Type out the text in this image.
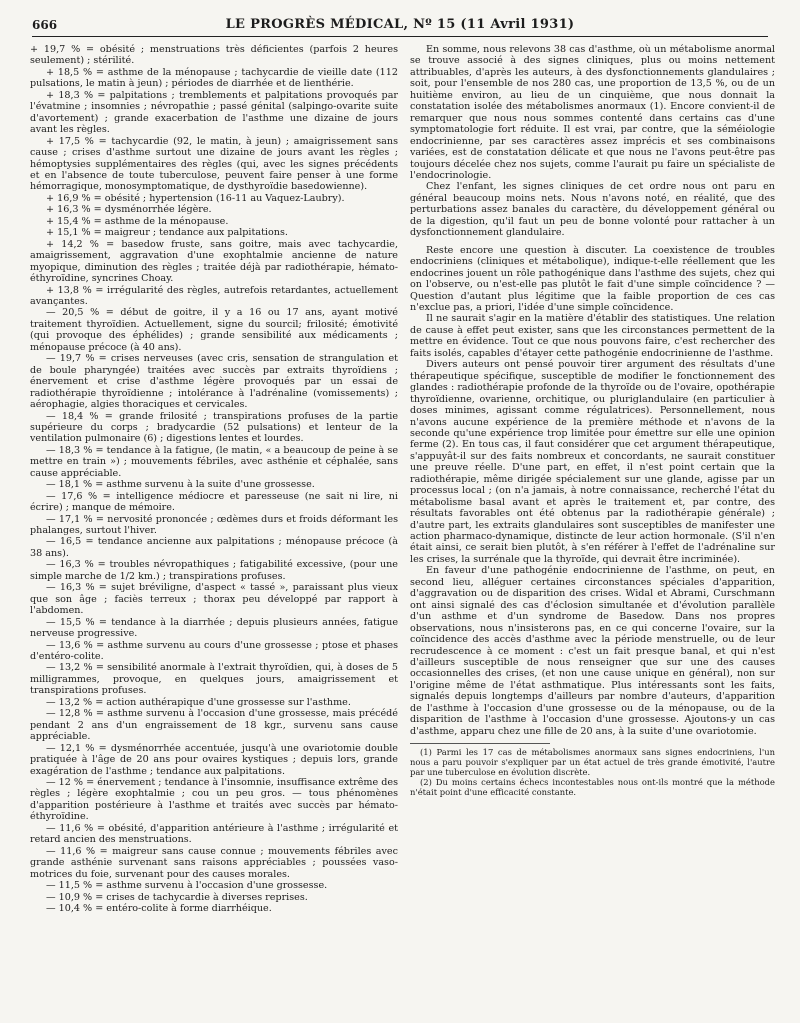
666	LE PROGRÈS MÉDICAL, Nº 15 (11 Avril 1931)

+ 19,7 % = obésité ; menstruations très déficientes (parfois 2 heures seulement) ; stérilité.

+ 18,5 % = asthme de la ménopause ; tachycardie de vieille date (112 pulsations, le matin à jeun) ; périodes de diarrhée et de lienthérie.

+ 18,3 % = palpitations ; tremblements et palpitations provoqués par l'évatmine ; insomnies ; névropathie ; passé génital (salpingo-ovarite suite d'avortement) ; grande exacerbation de l'asthme une dizaine de jours avant les règles.

+ 17,5 % = tachycardie (92, le matin, à jeun) ; amaigrissement sans cause ; crises d'asthme surtout une dizaine de jours avant les règles ; hémoptysies supplémentaires des règles (qui, avec les signes précédents et en l'absence de toute tuberculose, peuvent faire penser à une forme hémorragique, monosymptomatique, de dysthyroïdie basedowienne).

+ 16,9 % = obésité ; hypertension (16-11 au Vaquez-Laubry).

+ 16,3 % = dysménorrhée légère.

+ 15,4 % = asthme de la ménopause.

+ 15,1 % = maigreur ; tendance aux palpitations.

+ 14,2 % = basedow fruste, sans goitre, mais avec tachycardie, amaigrissement, aggravation d'une exophtalmie ancienne de nature myopique, diminution des règles ; traitée déjà par radiothérapie, hémato-éthyroïdine, syncrines Choay.

+ 13,8 % = irrégularité des règles, autrefois retardantes, actuellement avançantes.

— 20,5 % = début de goitre, il y a 16 ou 17 ans, ayant motivé traitement thyroïdien. Actuellement, signe du sourcil; frilosité; émotivité (qui provoque des éphélides) ; grande sensibilité aux médicaments ; ménopause précoce (à 40 ans).

— 19,7 % = crises nerveuses (avec cris, sensation de strangulation et de boule pharyngée) traitées avec succès par extraits thyroïdiens ; énervement et crise d'asthme légère provoqués par un essai de radiothérapie thyroïdienne ; intolérance à l'adrénaline (vomissements) ; aérophagie, algies thoraciques et cervicales.

— 18,4 % = grande frilosité ; transpirations profuses de la partie supérieure du corps ; bradycardie (52 pulsations) et lenteur de la ventilation pulmonaire (6) ; digestions lentes et lourdes.

— 18,3 % = tendance à la fatigue, (le matin, « a beaucoup de peine à se mettre en train ») ; mouvements fébriles, avec asthénie et céphalée, sans cause appréciable.

— 18,1 % = asthme survenu à la suite d'une grossesse.

— 17,6 % = intelligence médiocre et paresseuse (ne sait ni lire, ni écrire) ; manque de mémoire.

— 17,1 % = nervosité prononcée ; œdèmes durs et froids déformant les phalanges, surtout l'hiver.

— 16,5 = tendance ancienne aux palpitations ; ménopause précoce (à 38 ans).

— 16,3 % = troubles névropathiques ; fatigabilité excessive, (pour une simple marche de 1/2 km.) ; transpirations profuses.

— 16,3 % = sujet bréviligne, d'aspect « tassé », paraissant plus vieux que son âge ; faciès terreux ; thorax peu développé par rapport à l'abdomen.

— 15,5 % = tendance à la diarrhée ; depuis plusieurs années, fatigue nerveuse progressive.

— 13,6 % = asthme survenu au cours d'une grossesse ; ptose et phases d'entéro-colite.

— 13,2 % = sensibilité anormale à l'extrait thyroïdien, qui, à doses de 5 milligrammes, provoque, en quelques jours, amaigrissement et transpirations profuses.

— 13,2 % = action authérapique d'une grossesse sur l'asthme.

— 12,8 % = asthme survenu à l'occasion d'une grossesse, mais précédé pendant 2 ans d'un engraissement de 18 kgr., survenu sans cause appréciable.

— 12,1 % = dysménorrhée accentuée, jusqu'à une ovariotomie double pratiquée à l'âge de 20 ans pour ovaires kystiques ; depuis lors, grande exagération de l'asthme ; tendance aux palpitations.

— 12 % = énervement ; tendance à l'insomnie, insuffisance extrême des règles ; légère exophtalmie ; cou un peu gros. — tous phénomènes d'apparition postérieure à l'asthme et traités avec succès par hémato-éthyroïdine.

— 11,6 % = obésité, d'apparition antérieure à l'asthme ; irrégularité et retard ancien des menstruations.

— 11,6 % = maigreur sans cause connue ; mouvements fébriles avec grande asthénie survenant sans raisons appréciables ; poussées vaso-motrices du foie, survenant pour des causes morales.

— 11,5 % = asthme survenu à l'occasion d'une grossesse.

— 10,9 % = crises de tachycardie à diverses reprises.

— 10,4 % = entéro-colite à forme diarrhéique.

En somme, nous relevons 38 cas d'asthme, où un métabolisme anormal se trouve associé à des signes cliniques, plus ou moins nettement attribuables, d'après les auteurs, à des dysfonctionnements glandulaires ; soit, pour l'ensemble de nos 280 cas, une proportion de 13,5 %, ou de un huitième environ, au lieu de un cinquième, que nous donnait la constatation isolée des métabolismes anormaux (1). Encore convient-il de remarquer que nous nous sommes contenté dans certains cas d'une symptomatologie fort réduite. Il est vrai, par contre, que la séméiologie endocrinienne, par ses caractères assez imprécis et ses combinaisons variées, est de constatation délicate et que nous ne l'avons peut-être pas toujours décelée chez nos sujets, comme l'aurait pu faire un spécialiste de l'endocrinologie.

Chez l'enfant, les signes cliniques de cet ordre nous ont paru en général beaucoup moins nets. Nous n'avons noté, en réalité, que des perturbations assez banales du caractère, du développement général ou de la digestion, qu'il faut un peu de bonne volonté pour rattacher à un dysfonctionnement glandulaire.

Reste encore une question à discuter. La coexistence de troubles endocriniens (cliniques et métabolique), indique-t-elle réellement que les endocrines jouent un rôle pathogénique dans l'asthme des sujets, chez qui on l'observe, ou n'est-elle pas plutôt le fait d'une simple coïncidence ? — Question d'autant plus légitime que la faible proportion de ces cas n'exclue pas, a priori, l'idée d'une simple coïncidence.

Il ne saurait s'agir en la matière d'établir des statistiques. Une relation de cause à effet peut exister, sans que les circonstances permettent de la mettre en évidence. Tout ce que nous pouvons faire, c'est rechercher des faits isolés, capables d'étayer cette pathogénie endocrinienne de l'asthme.

Divers auteurs ont pensé pouvoir tirer argument des résultats d'une thérapeutique spécifique, susceptible de modifier le fonctionnement des glandes : radiothérapie profonde de la thyroïde ou de l'ovaire, opothérapie thyroïdienne, ovarienne, orchitique, ou pluriglandulaire (en particulier à doses minimes, agissant comme régulatrices). Personnellement, nous n'avons aucune expérience de la première méthode et n'avons de la seconde qu'une expérience trop limitée pour émettre sur elle une opinion ferme (2). En tous cas, il faut considérer que cet argument thérapeutique, s'appuyât-il sur des faits nombreux et concordants, ne saurait constituer une preuve réelle. D'une part, en effet, il n'est point certain que la radiothérapie, même dirigée spécialement sur une glande, agisse par un processus local ; (on n'a jamais, à notre connaissance, recherché l'état du métabolisme basal avant et après le traitement et, par contre, des résultats favorables ont été obtenus par la radiothérapie générale) ; d'autre part, les extraits glandulaires sont susceptibles de manifester une action pharmaco-dynamique, distincte de leur action hormonale. (S'il n'en était ainsi, ce serait bien plutôt, à s'en référer à l'effet de l'adrénaline sur les crises, la surrénale que la thyroïde, qui devrait être incriminée).

En faveur d'une pathogénie endocrinienne de l'asthme, on peut, en second lieu, alléguer certaines circonstances spéciales d'apparition, d'aggravation ou de disparition des crises. Widal et Abrami, Curschmann ont ainsi signalé des cas d'éclosion simultanée et d'évolution parallèle d'un asthme et d'un syndrome de Basedow. Dans nos propres observations, nous n'insisterons pas, en ce qui concerne l'ovaire, sur la coïncidence des accès d'asthme avec la période menstruelle, ou de leur recrudescence à ce moment : c'est un fait presque banal, et qui n'est d'ailleurs susceptible de nous renseigner que sur une des causes occasionnelles des crises, (et non une cause unique en général), non sur l'origine même de l'état asthmatique. Plus intéressants sont les faits, signalés depuis longtemps d'ailleurs par nombre d'auteurs, d'apparition de l'asthme à l'occasion d'une grossesse ou de la ménopause, ou de la disparition de l'asthme à l'occasion d'une grossesse. Ajoutons-y un cas d'asthme, apparu chez une fille de 20 ans, à la suite d'une ovariotomie.

(1) Parmi les 17 cas de métabolismes anormaux sans signes endocriniens, l'un nous a paru pouvoir s'expliquer par un état actuel de très grande émotivité, l'autre par une tuberculose en évolution discrète.

(2) Du moins certains échecs incontestables nous ont-ils montré que la méthode n'était point d'une efficacité constante.
